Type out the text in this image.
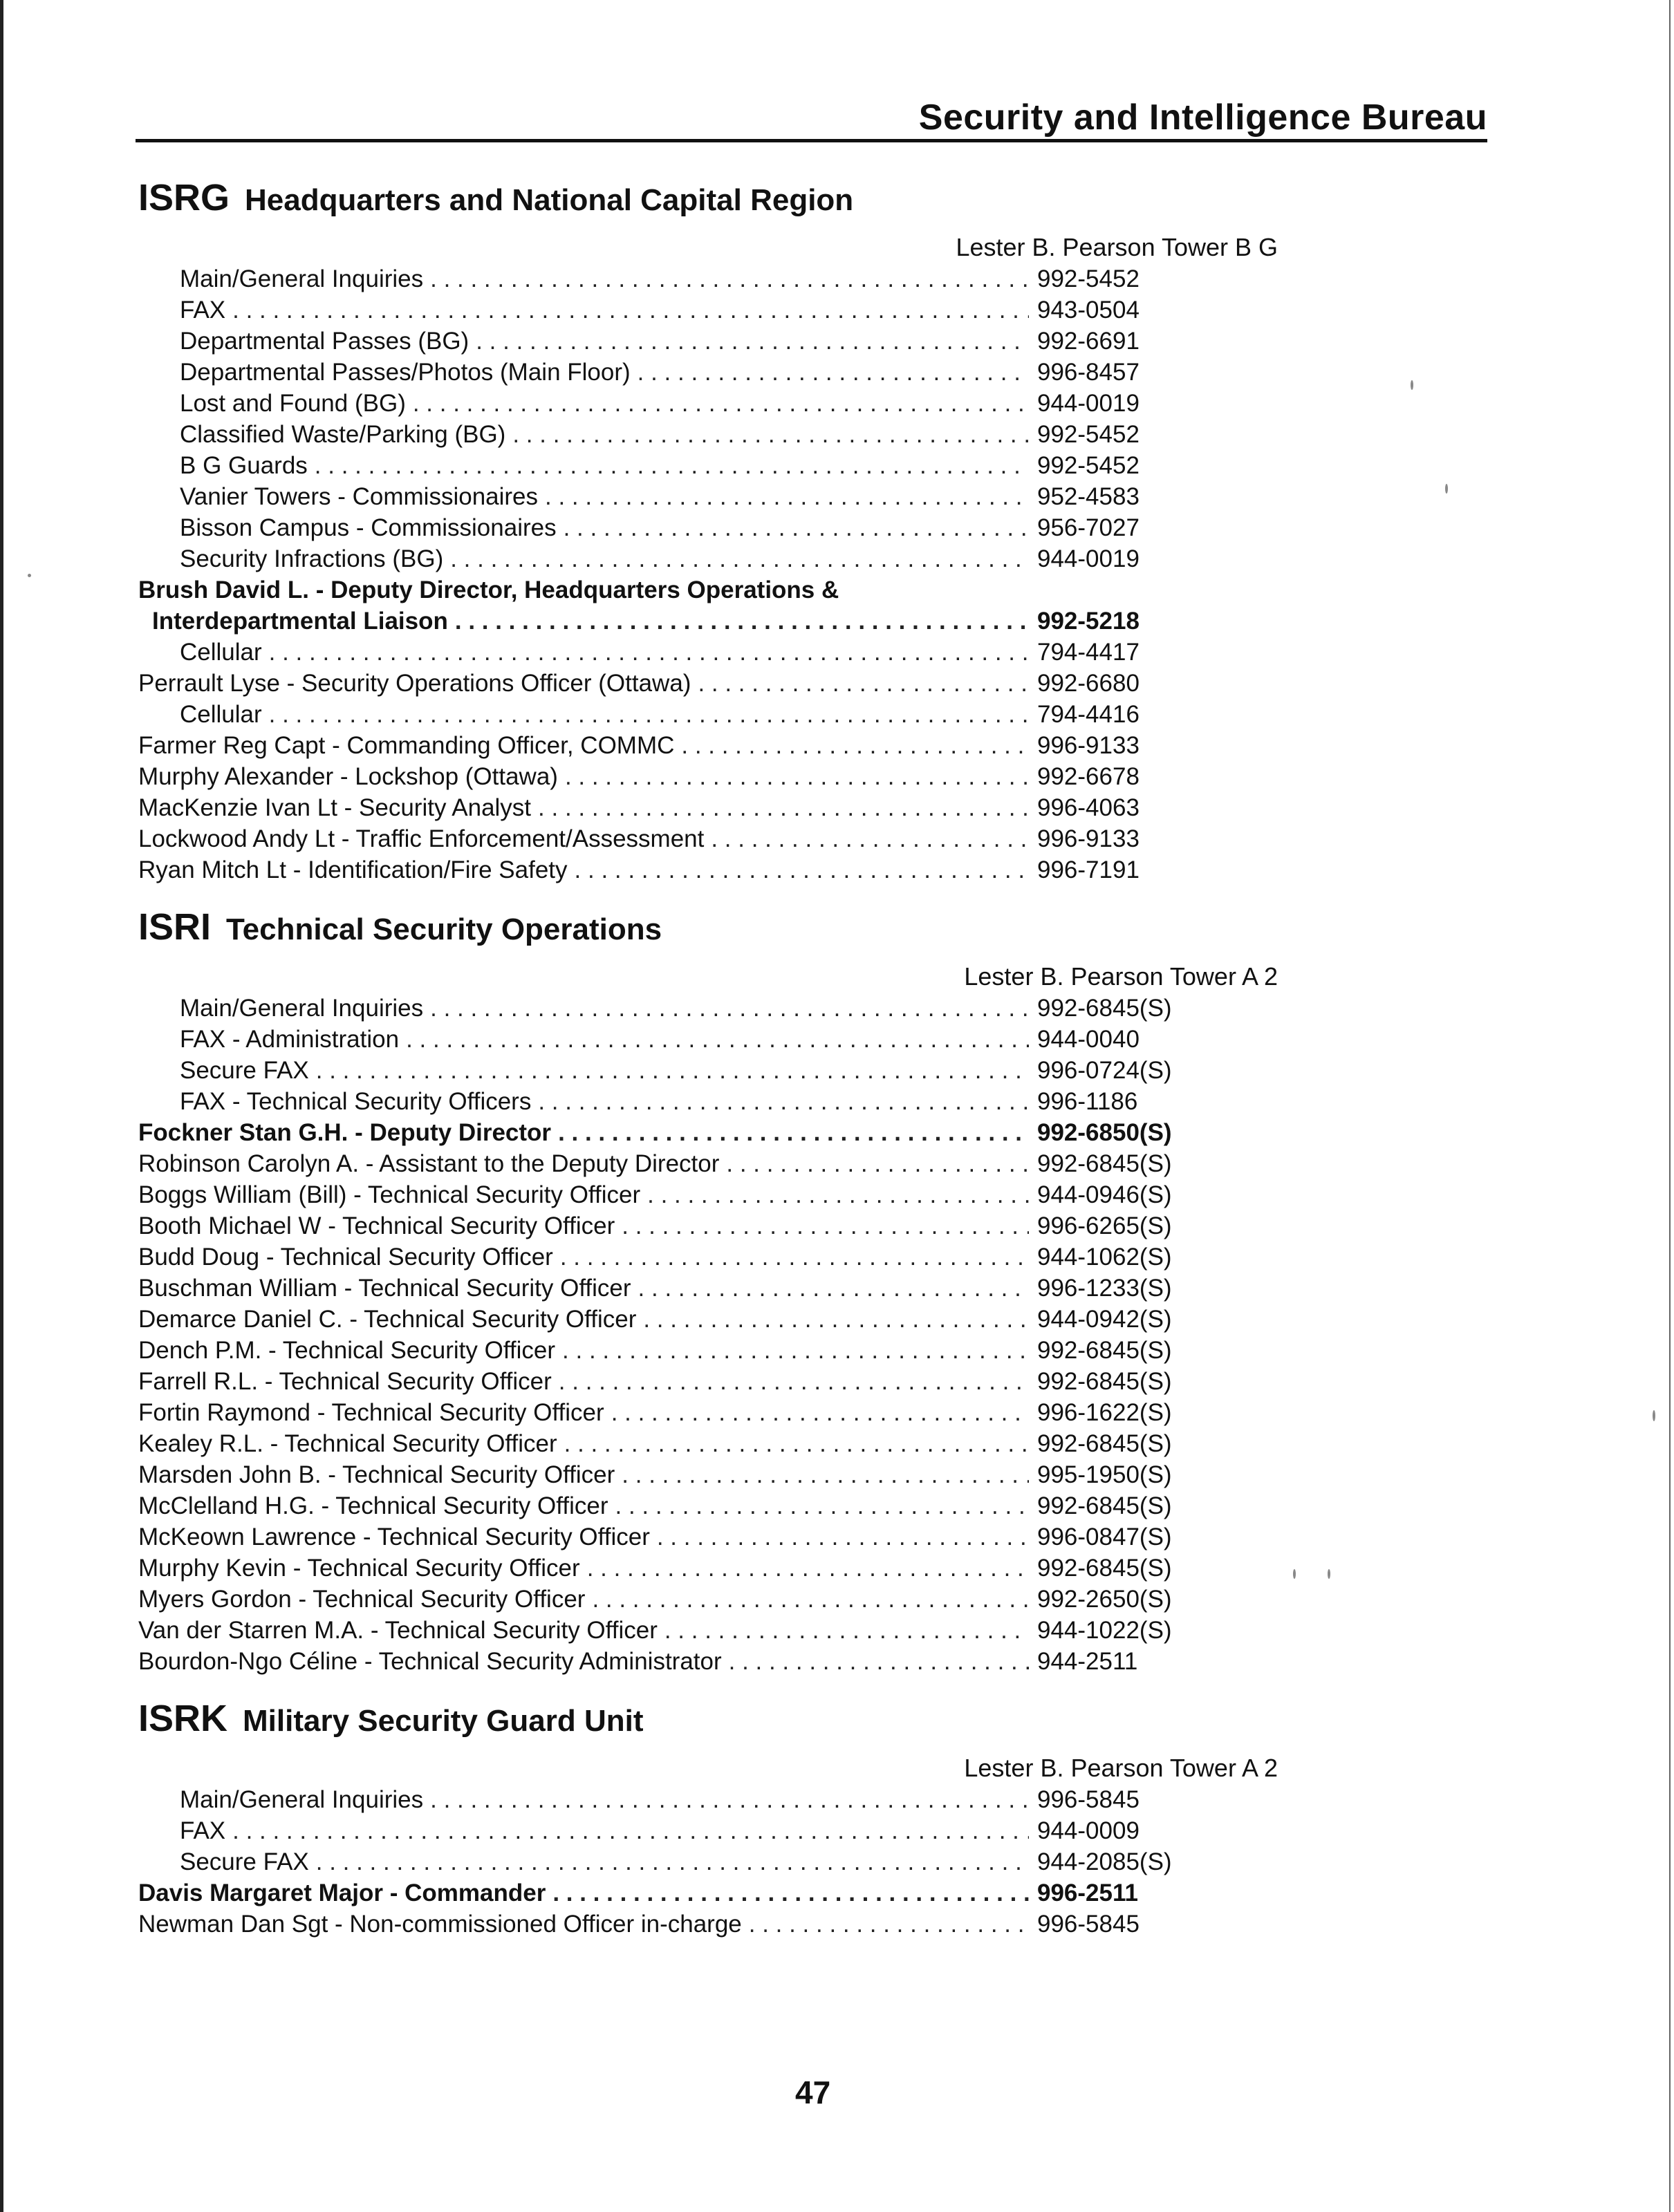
Security and Intelligence Bureau
ISRG Headquarters and National Capital Region
Lester B. Pearson Tower B G
Main/General Inquiries . . .	992-5452
FAX . . .	943-0504
Departmental Passes (BG) . . .	992-6691
Departmental Passes/Photos (Main Floor) . . .	996-8457
Lost and Found (BG) . . .	944-0019
Classified Waste/Parking (BG) . . .	992-5452
B G Guards . . .	992-5452
Vanier Towers - Commissionaires . . .	952-4583
Bisson Campus - Commissionaires . . .	956-7027
Security Infractions (BG) . . .	944-0019
Brush David L. - Deputy Director, Headquarters Operations &
Interdepartmental Liaison . . .	992-5218
Cellular . . .	794-4417
Perrault Lyse - Security Operations Officer (Ottawa) . . .	992-6680
Cellular . . .	794-4416
Farmer Reg Capt - Commanding Officer, COMMC . . .	996-9133
Murphy Alexander - Lockshop (Ottawa) . . .	992-6678
MacKenzie Ivan Lt - Security Analyst . . .	996-4063
Lockwood Andy Lt - Traffic Enforcement/Assessment . . .	996-9133
Ryan Mitch Lt - Identification/Fire Safety . . .	996-7191
ISRI Technical Security Operations
Lester B. Pearson Tower A 2
Main/General Inquiries . . .	992-6845(S)
FAX - Administration . . .	944-0040
Secure FAX . . .	996-0724(S)
FAX - Technical Security Officers . . .	996-1186
Fockner Stan G.H. - Deputy Director . . .	992-6850(S)
Robinson Carolyn A. - Assistant to the Deputy Director . . .	992-6845(S)
Boggs William (Bill) - Technical Security Officer . . .	944-0946(S)
Booth Michael W - Technical Security Officer . . .	996-6265(S)
Budd Doug - Technical Security Officer . . .	944-1062(S)
Buschman William - Technical Security Officer . . .	996-1233(S)
Demarce Daniel C. - Technical Security Officer . . .	944-0942(S)
Dench P.M. - Technical Security Officer . . .	992-6845(S)
Farrell R.L. - Technical Security Officer . . .	992-6845(S)
Fortin Raymond - Technical Security Officer . . .	996-1622(S)
Kealey R.L. - Technical Security Officer . . .	992-6845(S)
Marsden John B. - Technical Security Officer . . .	995-1950(S)
McClelland H.G. - Technical Security Officer . . .	992-6845(S)
McKeown Lawrence - Technical Security Officer . . .	996-0847(S)
Murphy Kevin - Technical Security Officer . . .	992-6845(S)
Myers Gordon - Technical Security Officer . . .	992-2650(S)
Van der Starren M.A. - Technical Security Officer . . .	944-1022(S)
Bourdon-Ngo Céline - Technical Security Administrator . . .	944-2511
ISRK Military Security Guard Unit
Lester B. Pearson Tower A 2
Main/General Inquiries . . .	996-5845
FAX . . .	944-0009
Secure FAX . . .	944-2085(S)
Davis Margaret Major - Commander . . .	996-2511
Newman Dan Sgt - Non-commissioned Officer in-charge . . .	996-5845
47
